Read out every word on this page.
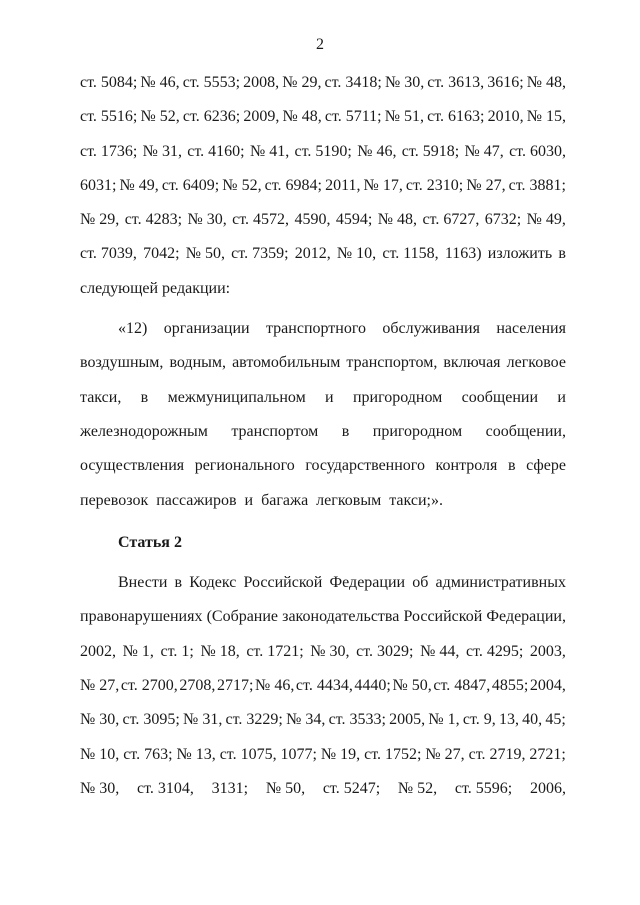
2
ст. 5084; № 46, ст. 5553; 2008, № 29, ст. 3418; № 30, ст. 3613, 3616; № 48,
ст. 5516; № 52, ст. 6236; 2009, № 48, ст. 5711; № 51, ст. 6163; 2010, № 15,
ст. 1736; № 31, ст. 4160; № 41, ст. 5190; № 46, ст. 5918; № 47, ст. 6030,
6031; № 49, ст. 6409; № 52, ст. 6984; 2011, № 17, ст. 2310; № 27, ст. 3881;
№ 29, ст. 4283; № 30, ст. 4572, 4590, 4594; № 48, ст. 6727, 6732; № 49,
ст. 7039, 7042; № 50, ст. 7359; 2012, № 10, ст. 1158, 1163) изложить в
следующей редакции:
«12) организации транспортного обслуживания населения
воздушным, водным, автомобильным транспортом, включая легковое
такси, в межмуниципальном и пригородном сообщении и
железнодорожным транспортом в пригородном сообщении,
осуществления регионального государственного контроля в сфере
перевозок  пассажиров  и  багажа  легковым  такси;».
Статья 2
Внести в Кодекс Российской Федерации об административных
правонарушениях (Собрание законодательства Российской Федерации,
2002, № 1, ст. 1; № 18, ст. 1721; № 30, ст. 3029; № 44, ст. 4295; 2003,
№ 27, ст. 2700, 2708, 2717; № 46, ст. 4434, 4440; № 50, ст. 4847, 4855; 2004,
№ 30, ст. 3095; № 31, ст. 3229; № 34, ст. 3533; 2005, № 1, ст. 9, 13, 40, 45;
№ 10, ст. 763; № 13, ст. 1075, 1077; № 19, ст. 1752; № 27, ст. 2719, 2721;
№ 30, ст. 3104, 3131; № 50, ст. 5247; № 52, ст. 5596; 2006,
